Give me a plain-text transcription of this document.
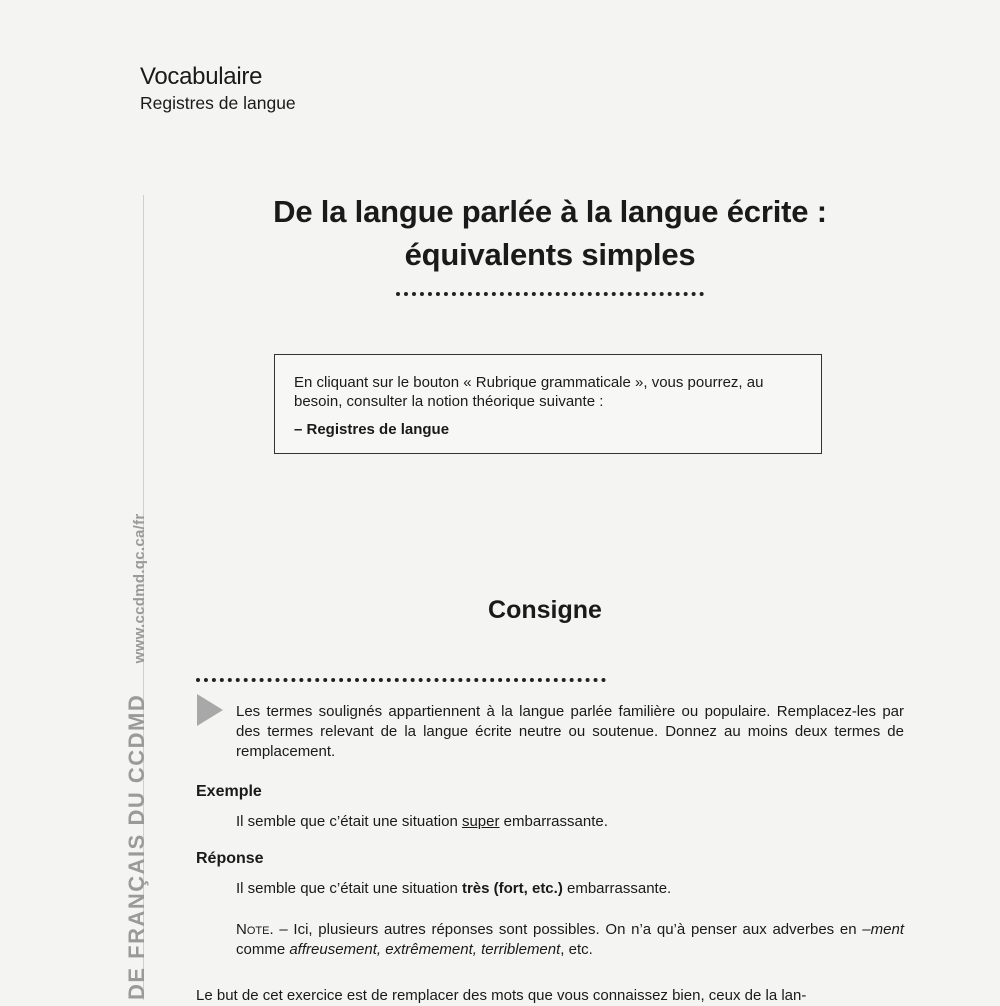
Vocabulaire
Registres de langue
DE FRANÇAIS DU CCDMD www.ccdmd.qc.ca/fr
De la langue parlée à la langue écrite :
équivalents simples
En cliquant sur le bouton « Rubrique grammaticale », vous pourrez, au besoin, consulter la notion théorique suivante :
– Registres de langue
Consigne
Les termes soulignés appartiennent à la langue parlée familière ou populaire. Remplacez-les par des termes relevant de la langue écrite neutre ou soutenue. Donnez au moins deux termes de remplacement.
Exemple
Il semble que c’était une situation super embarrassante.
Réponse
Il semble que c’était une situation très (fort, etc.) embarrassante.
Note. – Ici, plusieurs autres réponses sont possibles. On n’a qu’à penser aux adverbes en –ment comme affreusement, extrêmement, terriblement, etc.
Le but de cet exercice est de remplacer des mots que vous connaissez bien, ceux de la lan-
